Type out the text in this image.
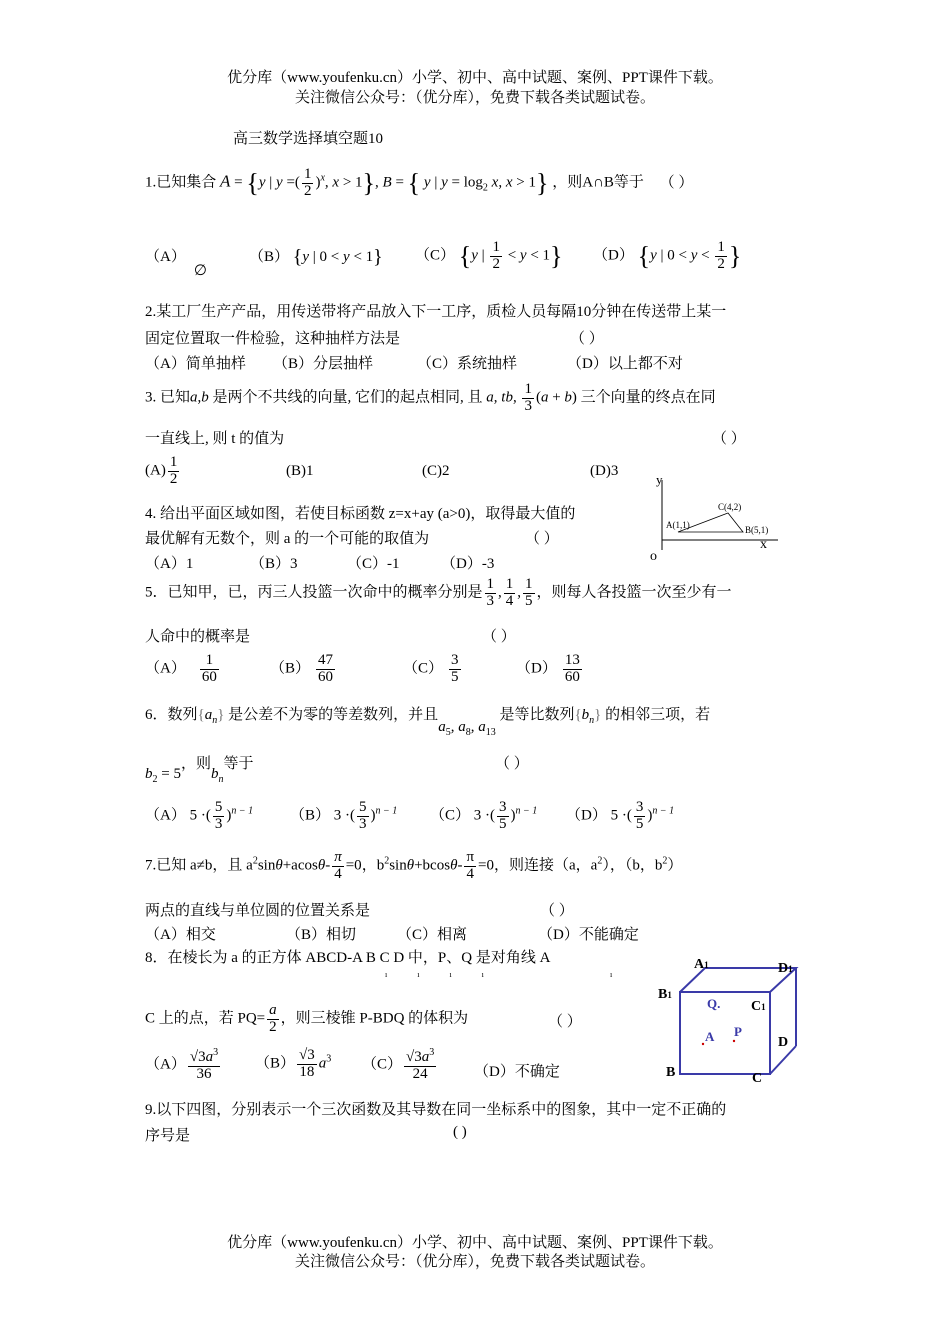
优分库（www.youfenku.cn）小学、初中、高中试题、案例、PPT课件下载。
关注微信公众号：（优分库），免费下载各类试题试卷。
高三数学选择填空题10
1.已知集合 A = {y | y =( $\frac{1}{2} )^x$, x > 1}, B = { y | $y = \log_2 x$, x > 1} ，则A∩B等于 （ ）
（A）∅
（B） {y | 0 < y < 1} （C） {y | $\frac{1}{2} < y < 1$} （D） {y | $0 < y < \frac{1}{2}$ }
2.某工厂生产产品，用传送带将产品放入下一工序，质检人员每隔10分钟在传送带上某一
固定位置取一件检验，这种抽样方法是	（ ）
（A）简单抽样 （B）分层抽样	（C）系统抽样	（D）以上都不对
3. 已知a,b 是两个不共线的向量, 它们的起点相同, 且 a, tb, $\frac{1}{3} (a + b)$ 三个向量的终点在同
一直线上, 则 t 的值为	（ ）
$(A) \frac{1}{2}$	(B)1	(C)2	(D)3
4. 给出平面区域如图，若使目标函数 z=x+ay (a>0)，取得最大值的
最优解有无数个，则 a 的一个可能的取值为	（ ）
（A）1	（B）3	（C）-1	（D）-3
y
x
o
A(1,1)	B(5,1)
C(4,2)
5．已知甲，已，丙三人投篮一次命中的概率分别是 $\frac{1}{3}$ , $\frac{1}{4}$ , $\frac{1}{5}$ ，则每人各投篮一次至少有一
人命中的概率是	（ ）
$(A) \frac{1}{60}$	$(B) \frac{47}{60}$	$(C) \frac{3}{5}$	$(D) \frac{13}{60}$
6．数列$\{a_n\}$ 是公差不为零的等差数列，并且$a_5$, $a_8$, $a_{13}$ 是等比数列$\{b_n\}$ 的相邻三项，若
$b_2 = 5$，则$b_n$等于	（ ）
（A） 5 ·( $\frac{5}{3} )^{n - 1}$ （B） 3 ·( $\frac{5}{3} )^{n - 1}$ （C） 3 ·( $\frac{3}{5} )^{n - 1}$ （D） 5 ·( $\frac{3}{5} )^{n - 1}$
7.已知 a≠b，且 $a^2\sin\theta+acos\theta- \frac{\pi}{4} =0$，$b^2\sin\theta+bcos\theta- \frac{\pi}{4} =0$，则连接（a，$a^2$），（b，$b^2$）
两点的直线与单位圆的位置关系是	（ ）
（A）相交	（B）相切	（C）相离	（D）不能确定
8．在棱长为 a 的正方体 ABCD-A B C D 中，P、Q 是对角线 A
ı ı ı ı	ı
C 上的点，若 $PQ= \frac{a}{2}$ ，则三棱锥 P-BDQ 的体积为	（ ）
$(A) \frac{√3a^3}{36} (B) \frac{√3}{18} a^3$ $(C) \frac{√3a^3}{24}$	（D）不确定
A1	D1
B1
C1
B	C
D
Q.
A P
9.以下四图，分别表示一个三次函数及其导数在同一坐标系中的图象，其中一定不正确的
序号是	( )
优分库（www.youfenku.cn）小学、初中、高中试题、案例、PPT课件下载。
关注微信公众号：（优分库），免费下载各类试题试卷。
